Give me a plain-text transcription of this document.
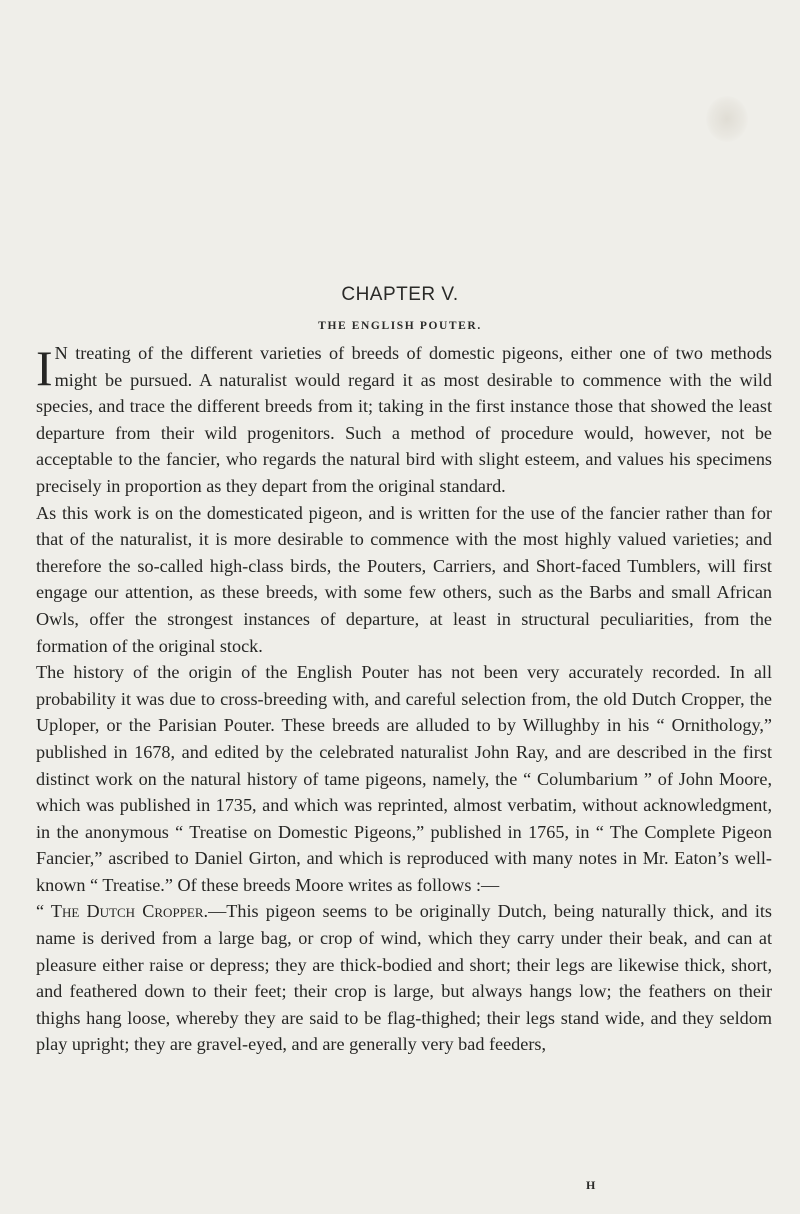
CHAPTER V.
THE ENGLISH POUTER.

I N treating of the different varieties of breeds of domestic pigeons, either one of two methods might be pursued. A naturalist would regard it as most desirable to commence with the wild species, and trace the different breeds from it; taking in the first instance those that showed the least departure from their wild progenitors. Such a method of procedure would, however, not be acceptable to the fancier, who regards the natural bird with slight esteem, and values his specimens precisely in proportion as they depart from the original standard.

As this work is on the domesticated pigeon, and is written for the use of the fancier rather than for that of the naturalist, it is more desirable to commence with the most highly valued varieties; and therefore the so-called high-class birds, the Pouters, Carriers, and Short-faced Tumblers, will first engage our attention, as these breeds, with some few others, such as the Barbs and small African Owls, offer the strongest instances of departure, at least in structural peculiarities, from the formation of the original stock.

The history of the origin of the English Pouter has not been very accurately recorded. In all probability it was due to cross-breeding with, and careful selection from, the old Dutch Cropper, the Uploper, or the Parisian Pouter. These breeds are alluded to by Willughby in his “ Ornithology,” published in 1678, and edited by the celebrated naturalist John Ray, and are described in the first distinct work on the natural history of tame pigeons, namely, the “ Columbarium ” of John Moore, which was published in 1735, and which was reprinted, almost verbatim, without acknowledgment, in the anonymous “ Treatise on Domestic Pigeons,” published in 1765, in “ The Complete Pigeon Fancier,” ascribed to Daniel Girton, and which is reproduced with many notes in Mr. Eaton’s well-known “ Treatise.” Of these breeds Moore writes as follows :—

“ The Dutch Cropper.—This pigeon seems to be originally Dutch, being naturally thick, and its name is derived from a large bag, or crop of wind, which they carry under their beak, and can at pleasure either raise or depress; they are thick-bodied and short; their legs are likewise thick, short, and feathered down to their feet; their crop is large, but always hangs low; the feathers on their thighs hang loose, whereby they are said to be flag-thighed; their legs stand wide, and they seldom play upright; they are gravel-eyed, and are generally very bad feeders,

H
